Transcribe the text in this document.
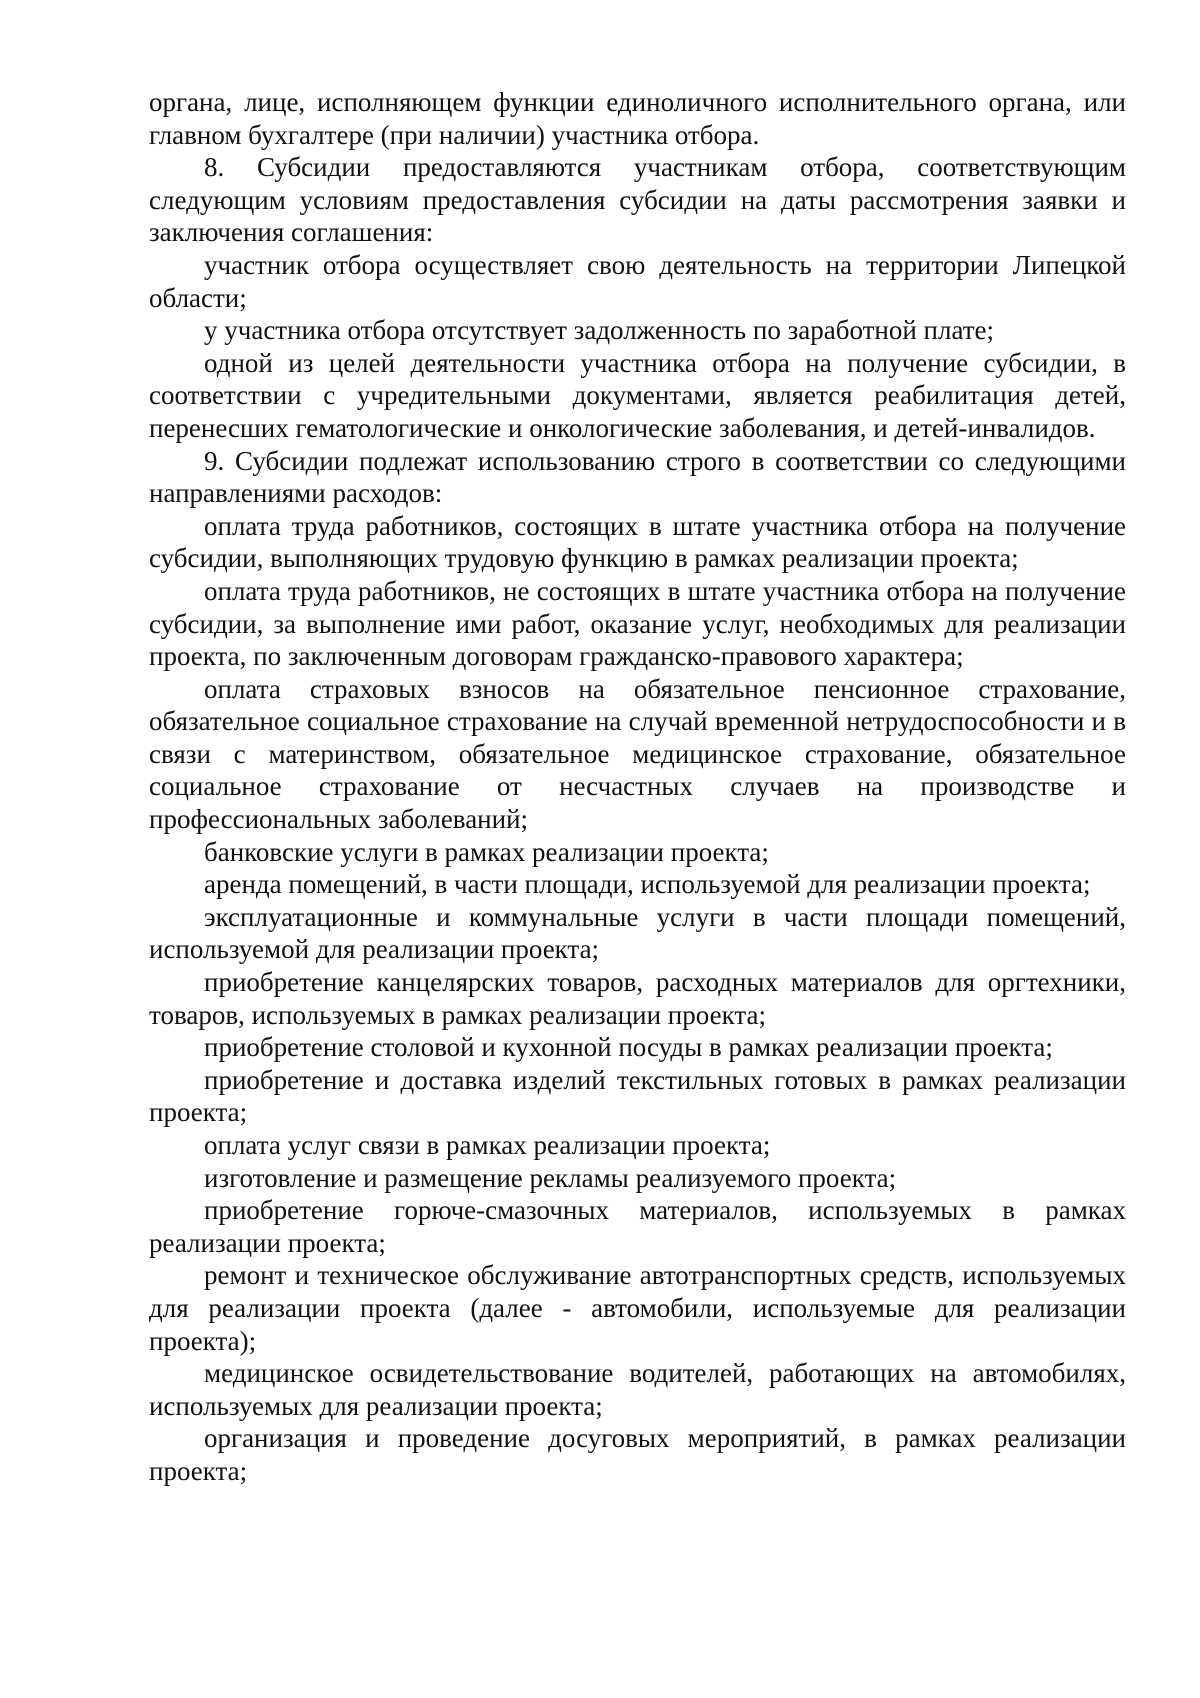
органа, лице, исполняющем функции единоличного исполнительного органа, или главном бухгалтере (при наличии) участника отбора.

8. Субсидии предоставляются участникам отбора, соответствующим следующим условиям предоставления субсидии на даты рассмотрения заявки и заключения соглашения:

участник отбора осуществляет свою деятельность на территории Липецкой области;

у участника отбора отсутствует задолженность по заработной плате;

одной из целей деятельности участника отбора на получение субсидии, в соответствии с учредительными документами, является реабилитация детей, перенесших гематологические и онкологические заболевания, и детей-инвалидов.

9. Субсидии подлежат использованию строго в соответствии со следующими направлениями расходов:

оплата труда работников, состоящих в штате участника отбора на получение субсидии, выполняющих трудовую функцию в рамках реализации проекта;

оплата труда работников, не состоящих в штате участника отбора на получение субсидии, за выполнение ими работ, оказание услуг, необходимых для реализации проекта, по заключенным договорам гражданско-правового характера;

оплата страховых взносов на обязательное пенсионное страхование, обязательное социальное страхование на случай временной нетрудоспособности и в связи с материнством, обязательное медицинское страхование, обязательное социальное страхование от несчастных случаев на производстве и профессиональных заболеваний;

банковские услуги в рамках реализации проекта;

аренда помещений, в части площади, используемой для реализации проекта;

эксплуатационные и коммунальные услуги в части площади помещений, используемой для реализации проекта;

приобретение канцелярских товаров, расходных материалов для оргтехники, товаров, используемых в рамках реализации проекта;

приобретение столовой и кухонной посуды в рамках реализации проекта;

приобретение и доставка изделий текстильных готовых в рамках реализации проекта;

оплата услуг связи в рамках реализации проекта;

изготовление и размещение рекламы реализуемого проекта;

приобретение горюче-смазочных материалов, используемых в рамках реализации проекта;

ремонт и техническое обслуживание автотранспортных средств, используемых для реализации проекта (далее - автомобили, используемые для реализации проекта);

медицинское освидетельствование водителей, работающих на автомобилях, используемых для реализации проекта;

организация и проведение досуговых мероприятий, в рамках реализации проекта;
